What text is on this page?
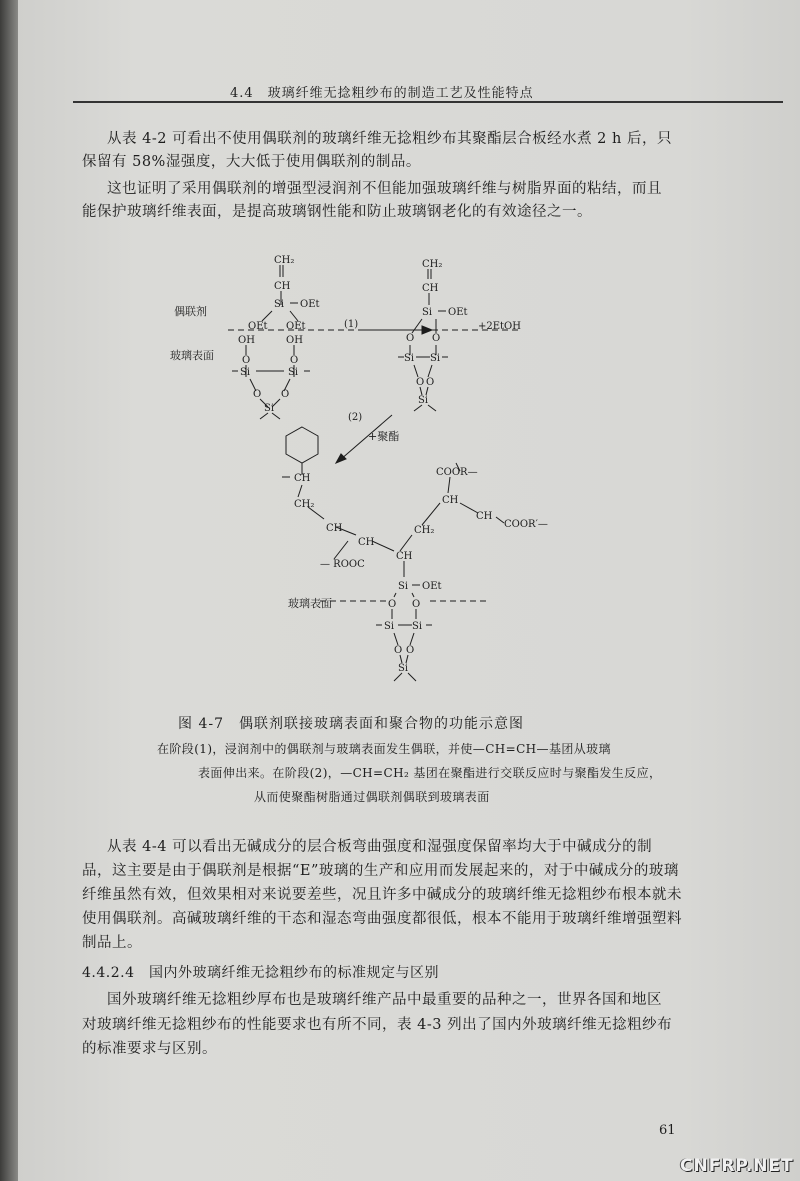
4.4　玻璃纤维无捻粗纱布的制造工艺及性能特点

从表 4-2 可看出不使用偶联剂的玻璃纤维无捻粗纱布其聚酯层合板经水煮 2 h 后，只

保留有 58%湿强度，大大低于使用偶联剂的制品。

这也证明了采用偶联剂的增强型浸润剂不但能加强玻璃纤维与树脂界面的粘结，而且

能保护玻璃纤维表面，是提高玻璃钢性能和防止玻璃钢老化的有效途径之一。

CH₂
CH
Si OEt
OEt OEt	(1)
偶联剂
玻璃表面
OH	OH
O	O
Si	Si
O O
Si
CH₂
CH
Si OEt
+2EtOH
O O
Si Si
O O
Si
(2)
+聚酯
CH
CH₂
CH
CH
— ROOC
CH
CH₂
CH
COOR—
CH
COOR′—
Si OEt
玻璃表面	O O
Si Si
O O
Si
图 4-7　偶联剂联接玻璃表面和聚合物的功能示意图
在阶段(1)，浸润剂中的偶联剂与玻璃表面发生偶联，并使—CH=CH—基团从玻璃
表面伸出来。在阶段(2)，—CH=CH₂ 基团在聚酯进行交联反应时与聚酯发生反应，
从而使聚酯树脂通过偶联剂偶联到玻璃表面

从表 4-4 可以看出无碱成分的层合板弯曲强度和湿强度保留率均大于中碱成分的制

品，这主要是由于偶联剂是根据“E”玻璃的生产和应用而发展起来的，对于中碱成分的玻璃

纤维虽然有效，但效果相对来说要差些，况且许多中碱成分的玻璃纤维无捻粗纱布根本就未

使用偶联剂。高碱玻璃纤维的干态和湿态弯曲强度都很低，根本不能用于玻璃纤维增强塑料

制品上。

4.4.2.4　国内外玻璃纤维无捻粗纱布的标准规定与区别

国外玻璃纤维无捻粗纱厚布也是玻璃纤维产品中最重要的品种之一，世界各国和地区

对玻璃纤维无捻粗纱布的性能要求也有所不同，表 4-3 列出了国内外玻璃纤维无捻粗纱布

的标准要求与区别。

61
CNFRP.NET
